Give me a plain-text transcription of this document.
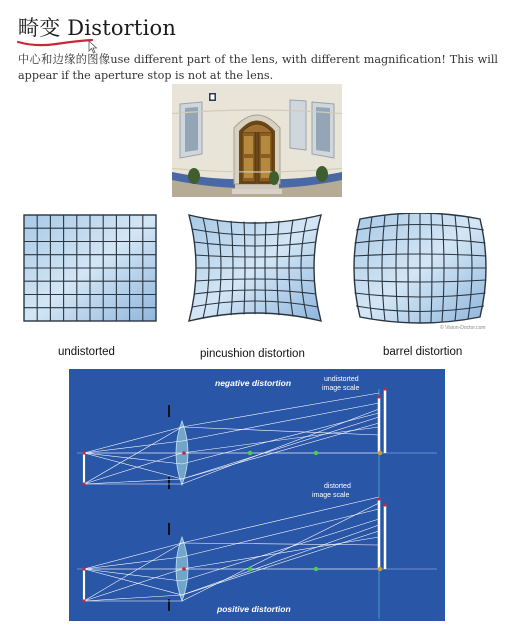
畸变 Distortion
中心和边缘的图像use different part of the lens, with different magnification! This will appear if the aperture stop is not at the lens.
© Vision-Doctor.com
undistorted	pincushion distortion	barrel distortion
negative distortion
positive distortion
undistorted
image scale
distorted
image scale
